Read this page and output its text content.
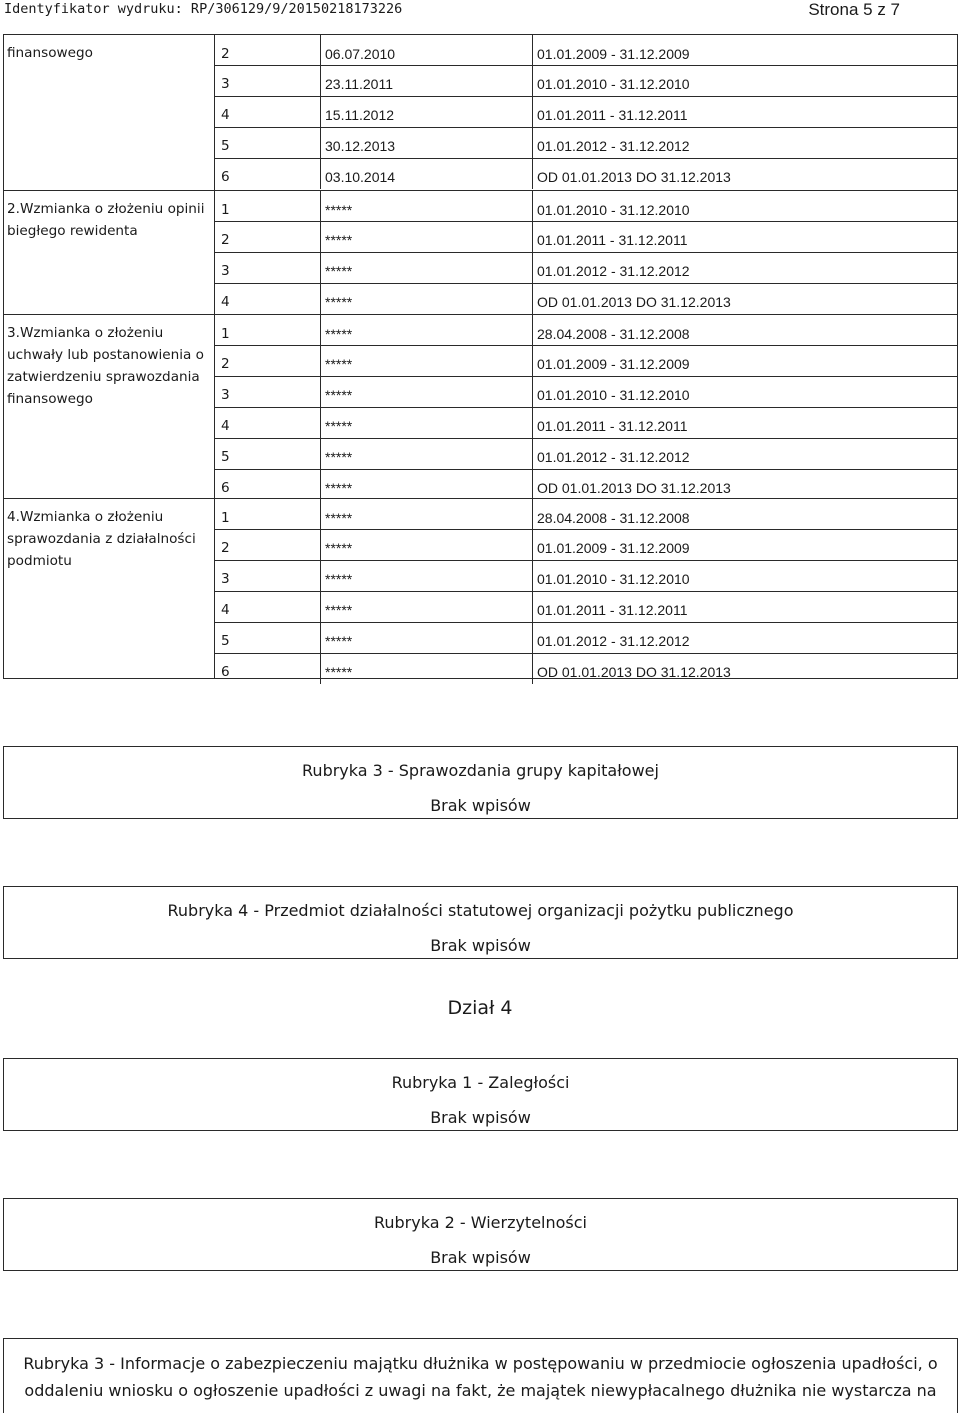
Identyfikator wydruku: RP/306129/9/20150218173226	Strona 5 z 7
finansowego	2	06.07.2010	01.01.2009 - 31.12.2009
3	23.11.2011	01.01.2010 - 31.12.2010
4	15.11.2012	01.01.2011 - 31.12.2011
5	30.12.2013	01.01.2012 - 31.12.2012
6	03.10.2014	OD 01.01.2013 DO 31.12.2013
2.Wzmianka o złożeniu opinii biegłego rewidenta
1	*****	01.01.2010 - 31.12.2010
2	*****	01.01.2011 - 31.12.2011
3	*****	01.01.2012 - 31.12.2012
4	*****	OD 01.01.2013 DO 31.12.2013
3.Wzmianka o złożeniu uchwały lub postanowienia o zatwierdzeniu sprawozdania finansowego
1	*****	28.04.2008 - 31.12.2008
2	*****	01.01.2009 - 31.12.2009
3	*****	01.01.2010 - 31.12.2010
4	*****	01.01.2011 - 31.12.2011
5	*****	01.01.2012 - 31.12.2012
6	*****	OD 01.01.2013 DO 31.12.2013
4.Wzmianka o złożeniu sprawozdania z działalności podmiotu
1	*****	28.04.2008 - 31.12.2008
2	*****	01.01.2009 - 31.12.2009
3	*****	01.01.2010 - 31.12.2010
4	*****	01.01.2011 - 31.12.2011
5	*****	01.01.2012 - 31.12.2012
6	*****	OD 01.01.2013 DO 31.12.2013
Rubryka 3 - Sprawozdania grupy kapitałowej
Brak wpisów
Rubryka 4 - Przedmiot działalności statutowej organizacji pożytku publicznego
Brak wpisów
Dział 4
Rubryka 1 - Zaległości
Brak wpisów
Rubryka 2 - Wierzytelności
Brak wpisów
Rubryka 3 - Informacje o zabezpieczeniu majątku dłużnika w postępowaniu w przedmiocie ogłoszenia upadłości, o
oddaleniu wniosku o ogłoszenie upadłości z uwagi na fakt, że majątek niewypłacalnego dłużnika nie wystarcza na
